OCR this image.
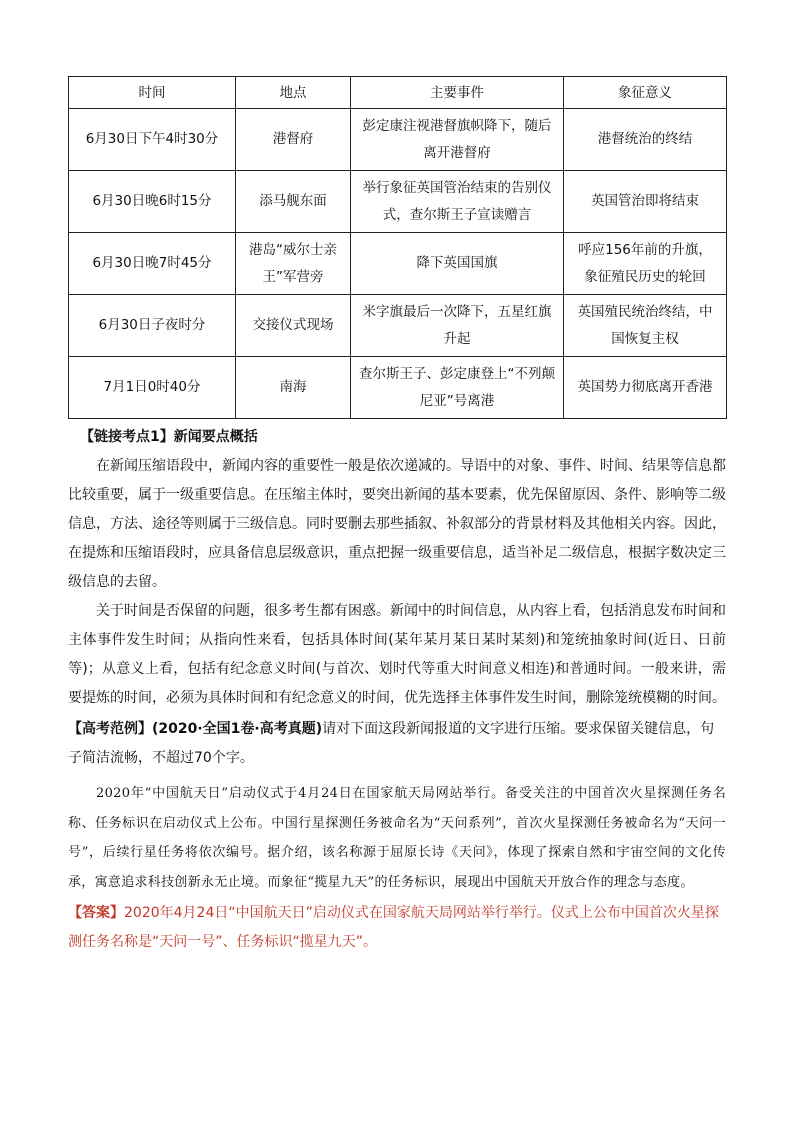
时间	地点	主要事件	象征意义
6月30日下午4时30分	港督府	彭定康注视港督旗帜降下，随后离开港督府	港督统治的终结
6月30日晚6时15分	添马舰东面	举行象征英国管治结束的告别仪式，查尔斯王子宣读赠言	英国管治即将结束
6月30日晚7时45分	港岛“威尔士亲王”军营旁	降下英国国旗	呼应156年前的升旗，象征殖民历史的轮回
6月30日子夜时分	交接仪式现场	米字旗最后一次降下，五星红旗升起	英国殖民统治终结，中国恢复主权
7月1日0时40分	南海	查尔斯王子、彭定康登上“不列颠尼亚”号离港	英国势力彻底离开香港
【链接考点1】新闻要点概括

在新闻压缩语段中，新闻内容的重要性一般是依次递减的。导语中的对象、事件、时间、结果等信息都比较重要，属于一级重要信息。在压缩主体时，要突出新闻的基本要素，优先保留原因、条件、影响等二级信息，方法、途径等则属于三级信息。同时要删去那些插叙、补叙部分的背景材料及其他相关内容。因此，在提炼和压缩语段时，应具备信息层级意识，重点把握一级重要信息，适当补足二级信息，根据字数决定三级信息的去留。

关于时间是否保留的问题，很多考生都有困惑。新闻中的时间信息，从内容上看，包括消息发布时间和主体事件发生时间；从指向性来看，包括具体时间(某年某月某日某时某刻)和笼统抽象时间(近日、日前等)；从意义上看，包括有纪念意义时间(与首次、划时代等重大时间意义相连)和普通时间。一般来讲，需要提炼的时间，必须为具体时间和有纪念意义的时间，优先选择主体事件发生时间，删除笼统模糊的时间。

【高考范例】(2020·全国1卷·高考真题)请对下面这段新闻报道的文字进行压缩。要求保留关键信息，句子简洁流畅，不超过70个字。

2020年“中国航天日”启动仪式于4月24日在国家航天局网站举行。备受关注的中国首次火星探测任务名称、任务标识在启动仪式上公布。中国行星探测任务被命名为“天问系列”，首次火星探测任务被命名为“天问一号”，后续行星任务将依次编号。据介绍，该名称源于屈原长诗《天问》，体现了探索自然和宇宙空间的文化传承，寓意追求科技创新永无止境。而象征“揽星九天”的任务标识，展现出中国航天开放合作的理念与态度。

【答案】2020年4月24日“中国航天日”启动仪式在国家航天局网站举行举行。仪式上公布中国首次火星探测任务名称是“天问一号”、任务标识“揽星九天”。
